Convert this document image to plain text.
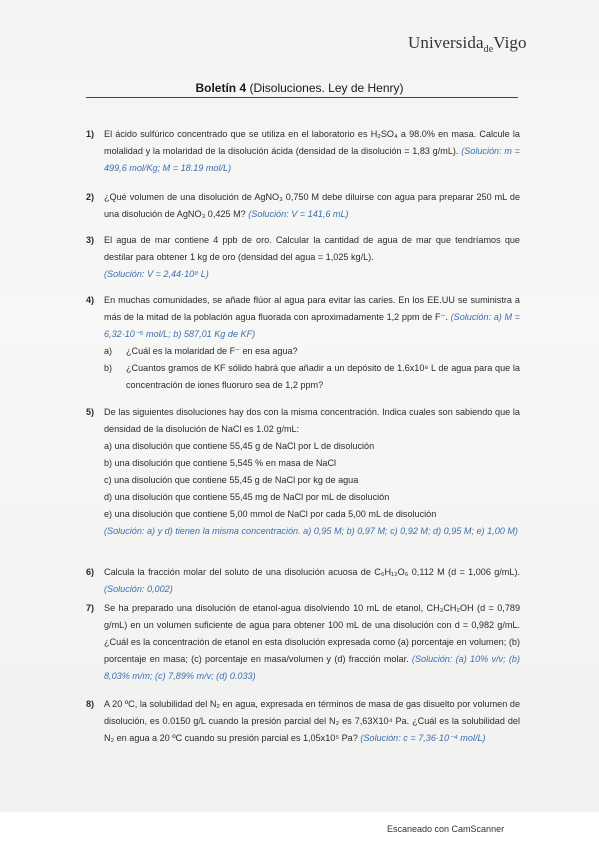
Universida$_{de}$Vigo
Boletín 4 (Disoluciones. Ley de Henry)
1)	El ácido sulfúrico concentrado que se utiliza en el laboratorio es H₂SO₄ a 98.0% en masa. Calcule la molalidad y la molaridad de la disolución ácida (densidad de la disolución = 1,83 g/mL). (Solución: m = 499,6 mol/Kg; M = 18.19 mol/L)
2)	¿Qué volumen de una disolución de AgNO₃ 0,750 M debe diluirse con agua para preparar 250 mL de una disolución de AgNO₃ 0,425 M? (Solución: V = 141,6 mL)
3)	El agua de mar contiene 4 ppb de oro. Calcular la cantidad de agua de mar que tendríamos que destilar para obtener 1 kg de oro (densidad del agua = 1,025 kg/L).
(Solución: V = 2,44·10⁸ L)
4)	En muchas comunidades, se añade flúor al agua para evitar las caries. En los EE.UU se suministra a más de la mitad de la población agua fluorada con aproximadamente 1,2 ppm de F⁻. (Solución: a) M = 6,32·10⁻⁵ mol/L; b) 587,01 Kg de KF)
a)	¿Cuál es la molaridad de F⁻ en esa agua?
b)	¿Cuantos gramos de KF sólido habrá que añadir a un depósito de 1.6x10⁸ L de agua para que la concentración de iones fluoruro sea de 1,2 ppm?
5)	De las siguientes disoluciones hay dos con la misma concentración. Indica cuales son sabiendo que la densidad de la disolución de NaCl es 1.02 g/mL:
a) una disolución que contiene 55,45 g de NaCl por L de disolución
b) una disolución que contiene 5,545 % en masa de NaCl
c) una disolución que contiene 55,45 g de NaCl por kg de agua
d) una disolución que contiene 55,45 mg de NaCl por mL de disolución
e) una disolución que contiene 5,00 mmol de NaCl por cada 5,00 mL de disolución
(Solución: a) y d) tienen la misma concentración. a) 0,95 M; b) 0,97 M; c) 0,92 M; d) 0,95 M; e) 1,00 M)
6)	Calcula la fracción molar del soluto de una disolución acuosa de C₆H₁₂O₆ 0,112 M (d = 1,006 g/mL). (Solución: 0,002)
7)	Se ha preparado una disolución de etanol-agua disolviendo 10 mL de etanol, CH₃CH₂OH (d = 0,789 g/mL) en un volumen suficiente de agua para obtener 100 mL de una disolución con d = 0,982 g/mL. ¿Cuál es la concentración de etanol en esta disolución expresada como (a) porcentaje en volumen; (b) porcentaje en masa; (c) porcentaje en masa/volumen y (d) fracción molar. (Solución: (a) 10% v/v; (b) 8,03% m/m; (c) 7,89% m/v; (d) 0.033)
8)	A 20 ºC, la solubilidad del N₂ en agua, expresada en términos de masa de gas disuelto por volumen de disolución, es 0.0150 g/L cuando la presión parcial del N₂ es 7,63X10⁴ Pa. ¿Cuál es la solubilidad del N₂ en agua a 20 ºC cuando su presión parcial es 1,05x10⁵ Pa? (Solución: c = 7,36·10⁻⁴ mol/L)
Escaneado con CamScanner
